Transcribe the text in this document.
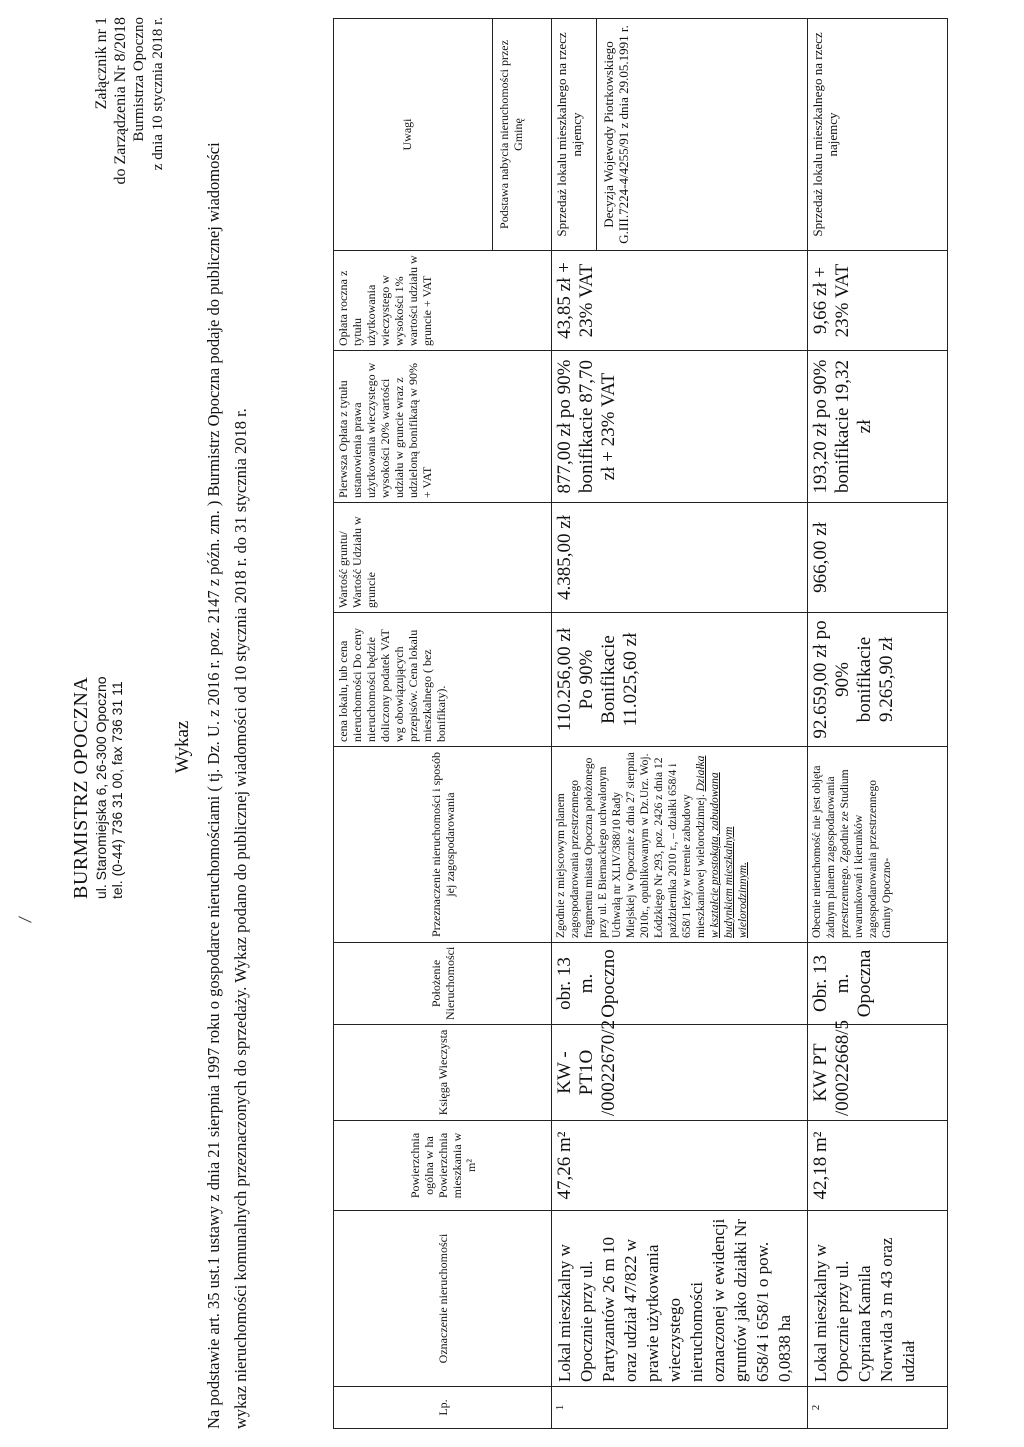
BURMISTRZ OPOCZNA ul. Staromiejska 6, 26-300 Opoczno tel. (0-44) 736 31 00, fax 736 31 11
Załącznik nr 1 do Zarządzenia Nr 8/2018 Burmistrza Opoczno z dnia 10 stycznia 2018 r.
Wykaz Na podstawie art. 35 ust.1 ustawy z dnia 21 sierpnia 1997 roku o gospodarce nieruchomościami ( tj. Dz. U. z 2016 r. poz. 2147 z późn. zm. ) Burmistrz Opoczna podaje do publicznej wiadomości wykaz nieruchomości komunalnych przeznaczonych do sprzedaży. Wykaz podano do publicznej wiadomości od 10 stycznia 2018 r. do 31 stycznia 2018 r.	Lp.	Oznaczenie nieruchomości	Powierzchnia ogólna w ha Powierzchnia mieszkania w m²	Księga Wieczysta	Położenie Nieruchomości	Przeznaczenie nieruchomości i sposób jej zagospodarowania	cena lokalu, lub cena nieruchomości Do ceny nieruchomości będzie doliczony podatek VAT wg obowiązujących przepisów. Cena lokalu mieszkalnego ( bez bonifikaty).	Wartość gruntu/ Wartość Udziału w gruncie	Pierwsza Opłata z tytułu ustanowienia prawa użytkowania wieczystego w wysokości 20% wartości udziału w gruncie wraz z udzieloną bonifikatą w 90% + VAT	Opłata roczna z tytułu użytkowania wieczystego w wysokości 1% wartości udziału w gruncie + VAT	Uwagi Podstawa nabycia nieruchomości przez Gminę

1	Lokal mieszkalny w Opocznie przy ul. Partyzantów 26 m 10 oraz udział 47/822 w prawie użytkowania wieczystego nieruchomości oznaczonej w ewidencji gruntów jako działki Nr 658/4 i 658/1 o pow. 0,0838 ha	47,26 m²	KW -PT1O /00022670/2	obr. 13 m. Opoczno	Zgodnie z miejscowym planem zagospodarowania przestrzennego fragmentu miasta Opoczna położonego przy ul. E Biernackiego uchwalonym Uchwałą nr XLIV/388/10 Rady Miejskiej w Opocznie z dnia 27 sierpnia 2010r., opublikowanym w Dz.Urz. Woj. Łódzkiego Nr 293, poz. 2426 z dnia 12 października 2010 r., – działki 658/4 i 658/1 leży w terenie zabudowy mieszkaniowej wielorodzinnej. Działka w kształcie prostokąta, zabudowana budynkiem mieszkalnym wielorodzinnym.	110.256,00 zł Po 90% Bonifikacie 11.025,60 zł	4.385,00 zł	877,00 zł po 90% bonifikacie 87,70 zł + 23% VAT	43,85 zł + 23% VAT	Sprzedaż lokalu mieszkalnego na rzecz najemcy Decyzja Wojewody Piotrkowskiego G.III.7224-4/4255/91 z dnia 29.05.1991 r.

2	Lokal mieszkalny w Opocznie przy ul. Cypriana Kamila Norwida 3 m 43 oraz udział	42,18 m²	KW PT /00022668/5	Obr. 13 m. Opoczna	Obecnie nieruchomość nie jest objęta żadnym planem zagospodarowania przestrzennego. Zgodnie ze Studium uwarunkowań i kierunków zagospodarowania przestrzennego Gminy Opoczno-	92.659,00 zł po 90% bonifikacie 9.265,90 zł	966,00 zł	193,20 zł po 90% bonifikacie 19,32 zł	9,66 zł + 23% VAT	Sprzedaż lokalu mieszkalnego na rzecz najemcy
